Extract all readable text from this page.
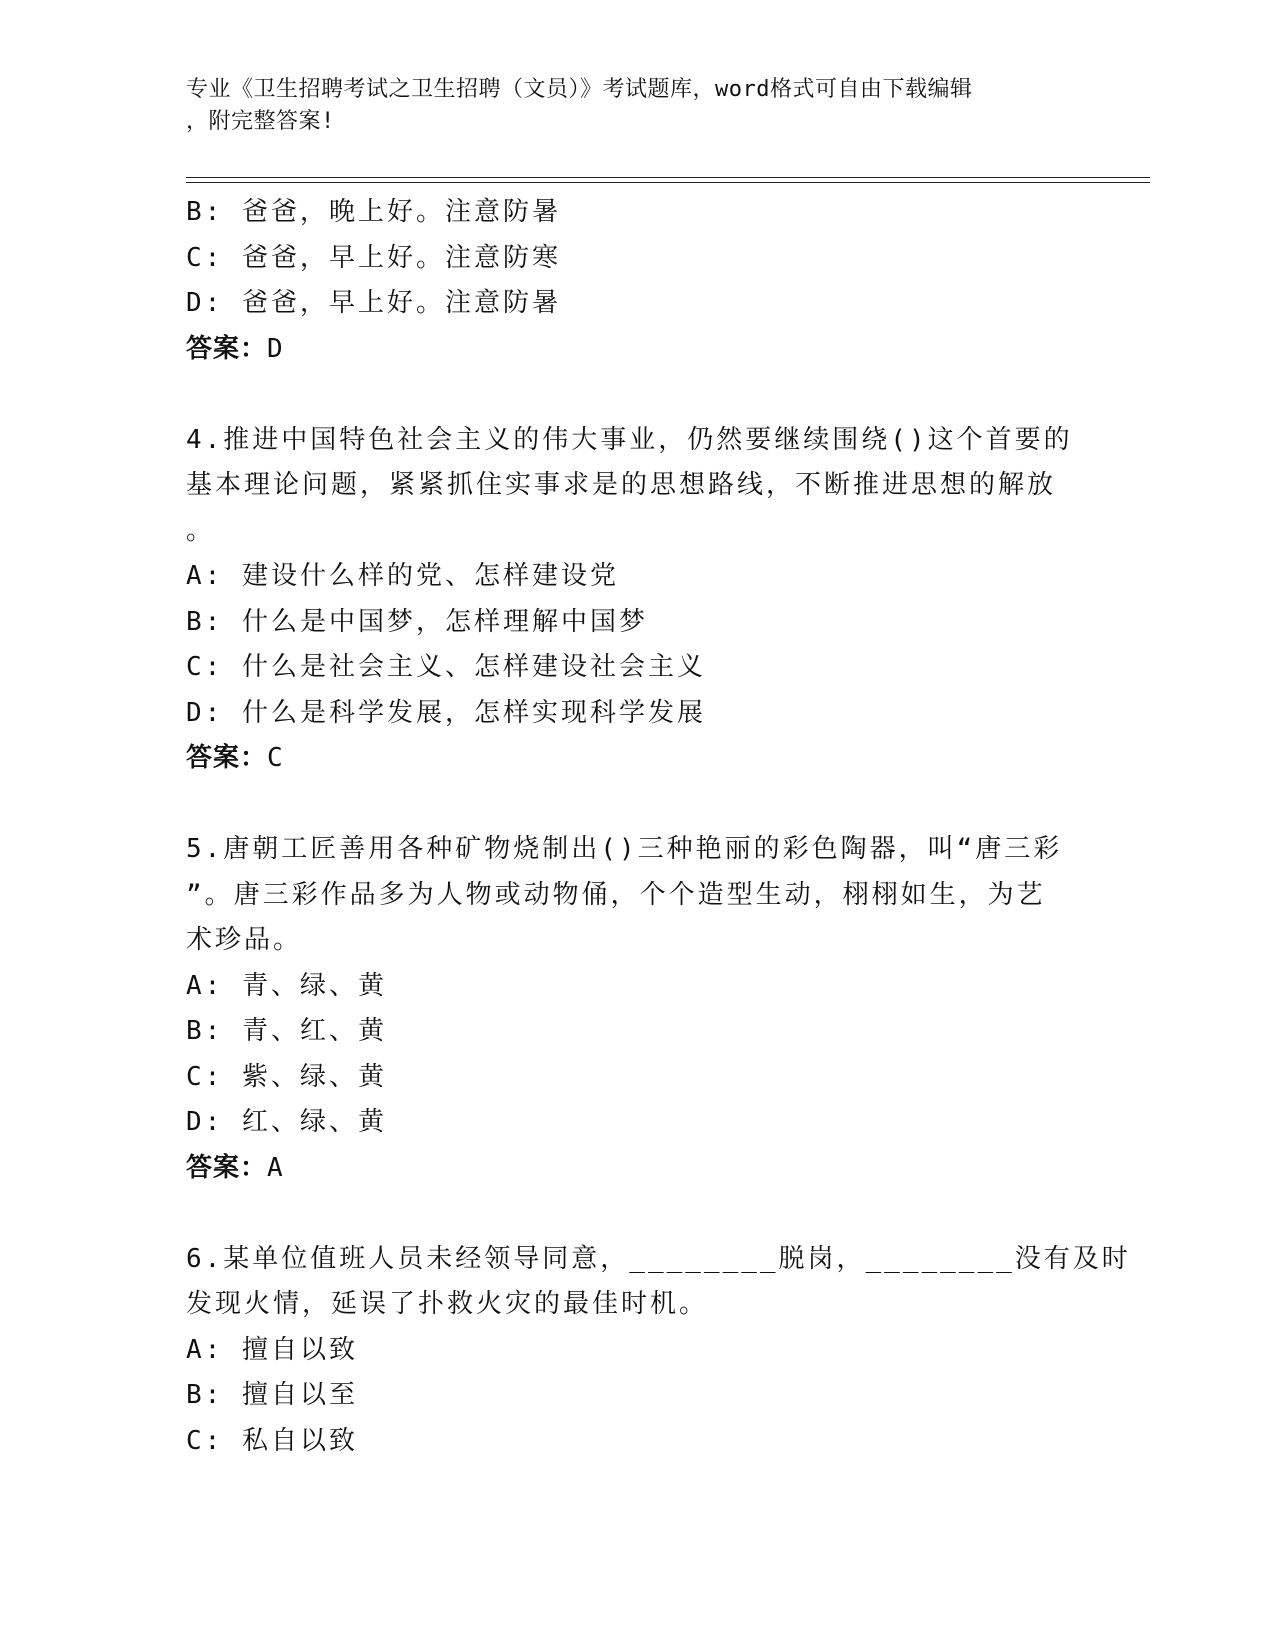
专业《卫生招聘考试之卫生招聘（文员）》考试题库，word格式可自由下载编辑
，附完整答案!
B: 爸爸，晚上好。注意防暑
C: 爸爸，早上好。注意防寒
D: 爸爸，早上好。注意防暑
答案：D
4.推进中国特色社会主义的伟大事业，仍然要继续围绕()这个首要的
基本理论问题，紧紧抓住实事求是的思想路线，不断推进思想的解放
。
A: 建设什么样的党、怎样建设党
B: 什么是中国梦，怎样理解中国梦
C: 什么是社会主义、怎样建设社会主义
D: 什么是科学发展，怎样实现科学发展
答案：C
5.唐朝工匠善用各种矿物烧制出()三种艳丽的彩色陶器，叫“唐三彩
”。唐三彩作品多为人物或动物俑，个个造型生动，栩栩如生，为艺
术珍品。
A: 青、绿、黄
B: 青、红、黄
C: 紫、绿、黄
D: 红、绿、黄
答案：A
6.某单位值班人员未经领导同意，________脱岗，________没有及时
发现火情，延误了扑救火灾的最佳时机。
A: 擅自以致
B: 擅自以至
C: 私自以致
